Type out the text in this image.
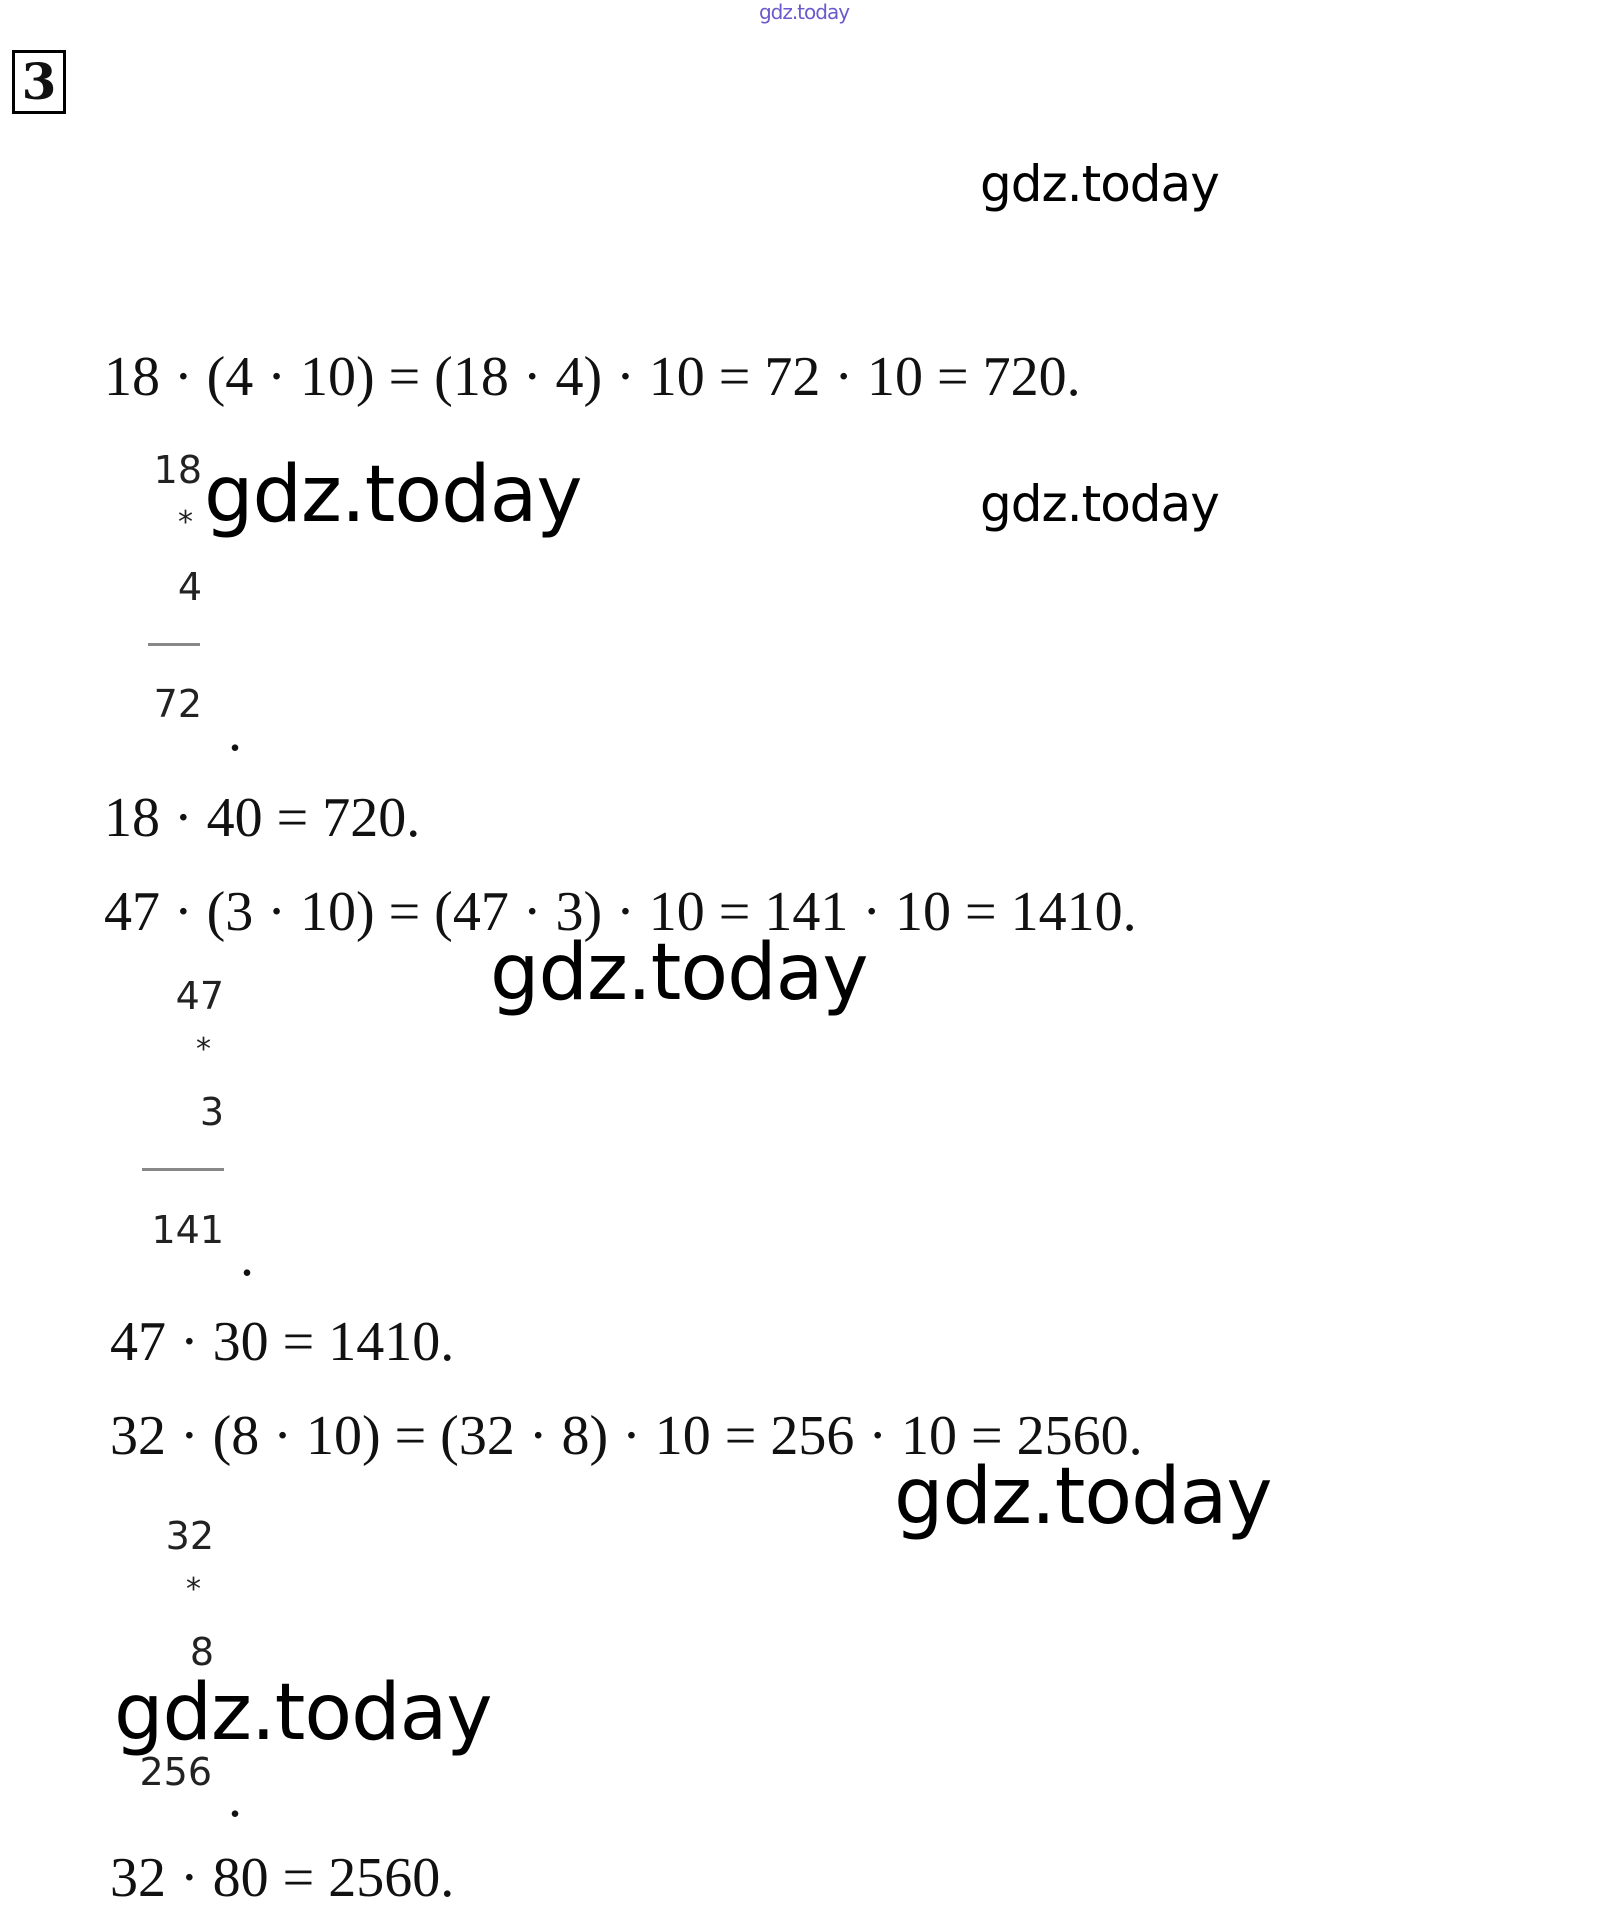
gdz.today
3
gdz.today
18 · (4 · 10) = (18 · 4) · 10 = 72 · 10 = 720.
18
* gdz.today	gdz.today
4
72 .
18 · 40 = 720.
47 · (3 · 10) = (47 · 3) · 10 = 141 · 10 = 1410.
gdz.today
47
*
3
141 .
47 · 30 = 1410.
32 · (8 · 10) = (32 · 8) · 10 = 256 · 10 = 2560.
gdz.today
32
*
8
gdz.today
256 .
32 · 80 = 2560.
